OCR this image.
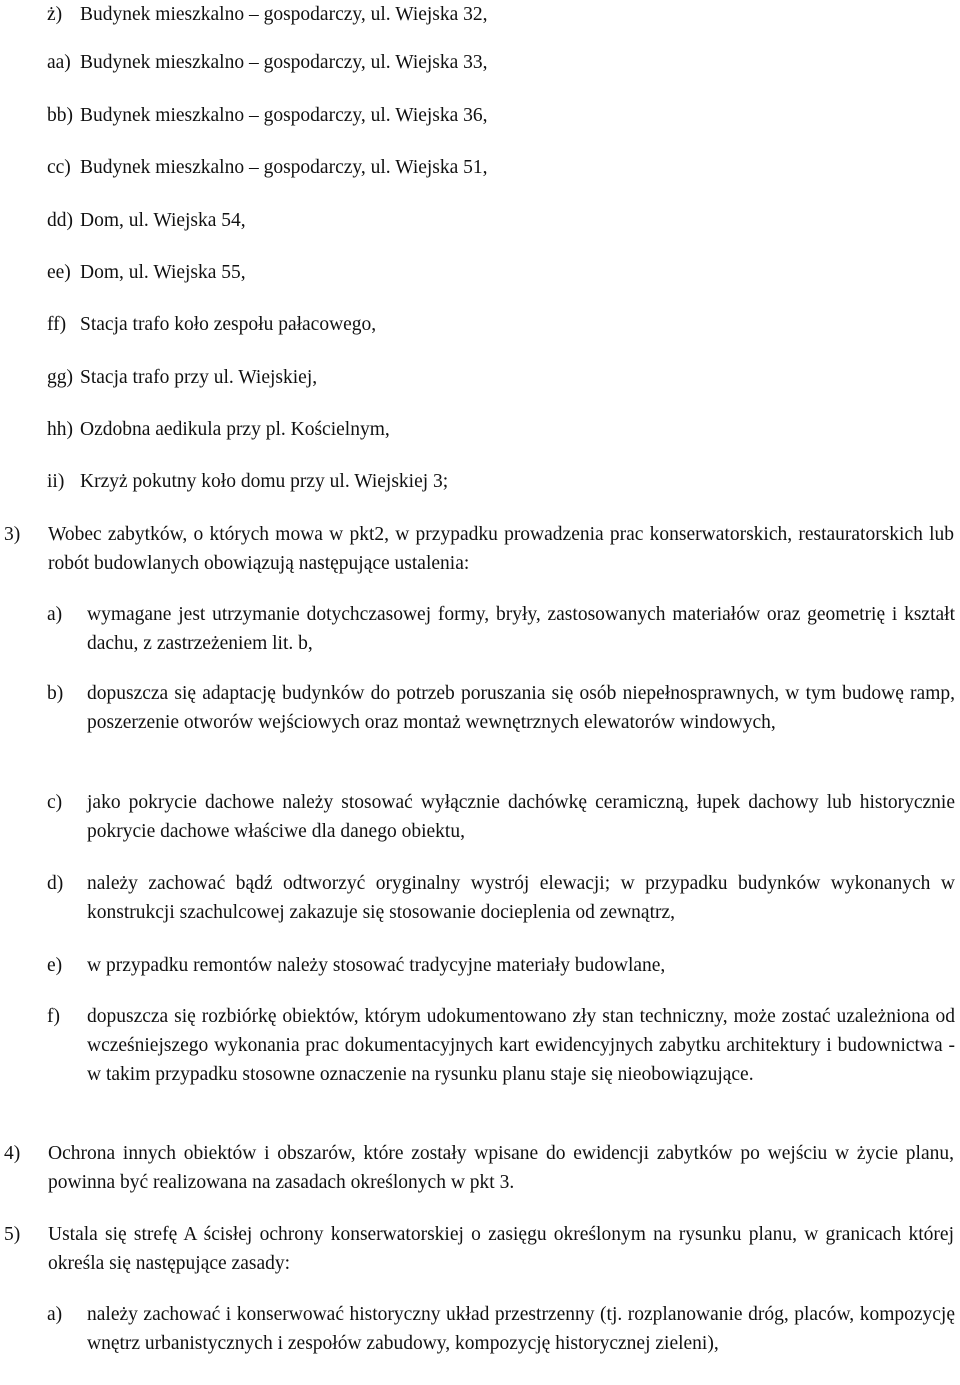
ż) Budynek mieszkalno – gospodarczy, ul. Wiejska 32,
aa) Budynek mieszkalno – gospodarczy, ul. Wiejska 33,
bb) Budynek mieszkalno – gospodarczy, ul. Wiejska 36,
cc) Budynek mieszkalno – gospodarczy, ul. Wiejska 51,
dd) Dom, ul. Wiejska 54,
ee) Dom, ul. Wiejska 55,
ff) Stacja trafo koło zespołu pałacowego,
gg) Stacja trafo przy ul. Wiejskiej,
hh) Ozdobna aedikula przy pl. Kościelnym,
ii) Krzyż pokutny koło domu przy ul. Wiejskiej 3;
3) Wobec zabytków, o których mowa w pkt2, w przypadku prowadzenia prac konserwatorskich, restauratorskich lub robót budowlanych obowiązują następujące ustalenia:
a) wymagane jest utrzymanie dotychczasowej formy, bryły, zastosowanych materiałów oraz geometrię i kształt dachu, z zastrzeżeniem lit. b,
b) dopuszcza się adaptację budynków do potrzeb poruszania się osób niepełnosprawnych, w tym budowę ramp, poszerzenie otworów wejściowych oraz montaż wewnętrznych elewatorów windowych,
c) jako pokrycie dachowe należy stosować wyłącznie dachówkę ceramiczną, łupek dachowy lub historycznie pokrycie dachowe właściwe dla danego obiektu,
d) należy zachować bądź odtworzyć oryginalny wystrój elewacji; w przypadku budynków wykonanych w konstrukcji szachulcowej zakazuje się stosowanie docieplenia od zewnątrz,
e) w przypadku remontów należy stosować tradycyjne materiały budowlane,
f) dopuszcza się rozbiórkę obiektów, którym udokumentowano zły stan techniczny, może zostać uzależniona od wcześniejszego wykonania prac dokumentacyjnych kart ewidencyjnych zabytku architektury i budownictwa - w takim przypadku stosowne oznaczenie na rysunku planu staje się nieobowiązujące.
4) Ochrona innych obiektów i obszarów, które zostały wpisane do ewidencji zabytków po wejściu w życie planu, powinna być realizowana na zasadach określonych w pkt 3.
5) Ustala się strefę A ścisłej ochrony konserwatorskiej o zasięgu określonym na rysunku planu, w granicach której określa się następujące zasady:
a) należy zachować i konserwować historyczny układ przestrzenny (tj. rozplanowanie dróg, placów, kompozycję wnętrz urbanistycznych i zespołów zabudowy, kompozycję historycznej zieleni),
